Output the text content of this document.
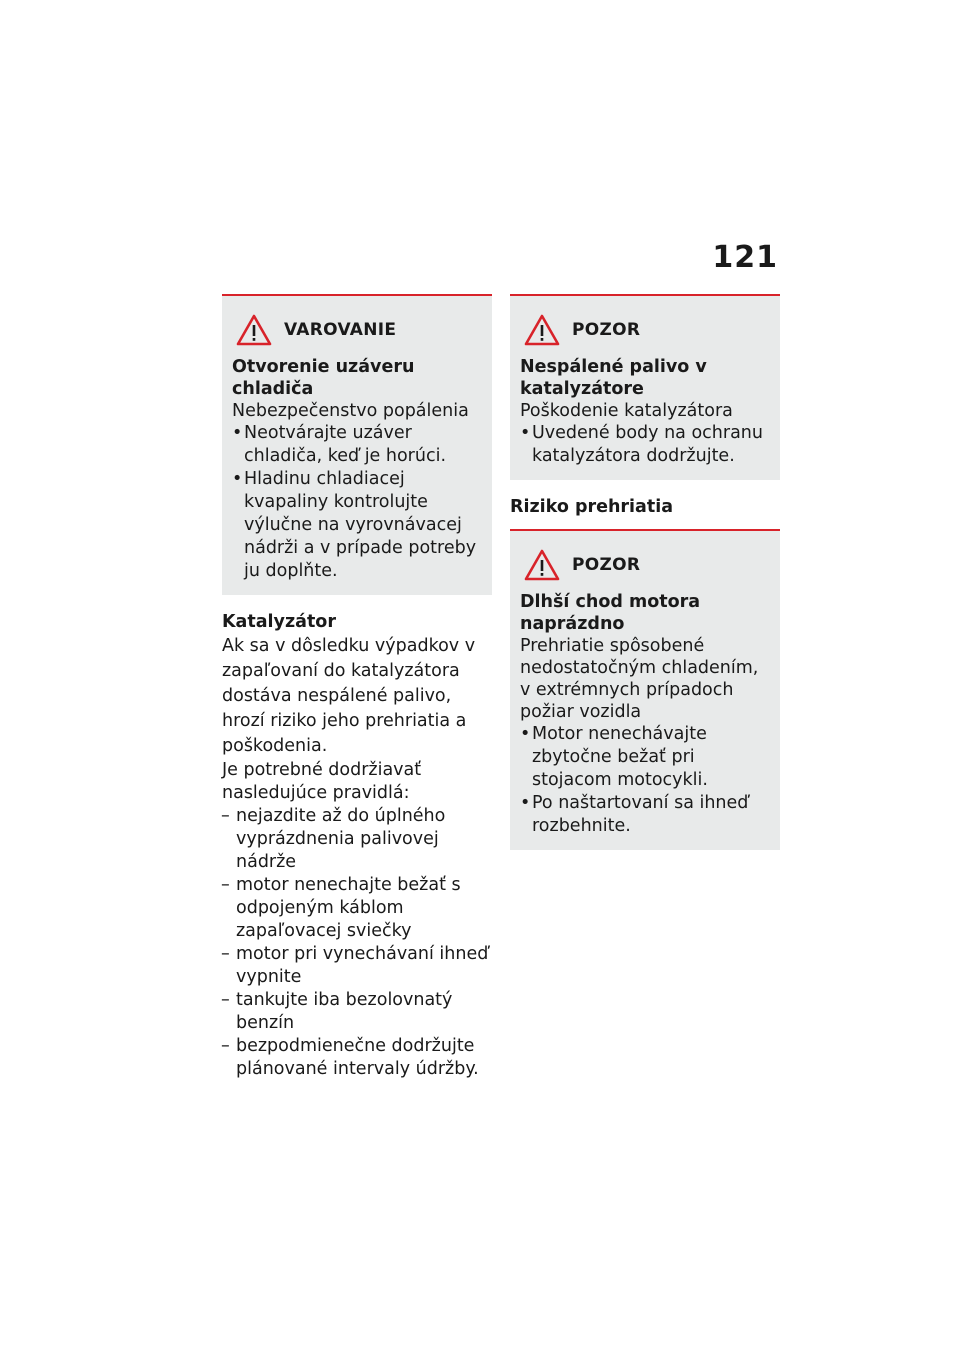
121
VAROVANIE
Otvorenie uzáveru chladiča
Nebezpečenstvo popálenia
• Neotvárajte uzáver chladiča, keď je horúci.
• Hladinu chladiacej kvapaliny kontrolujte výlučne na vyrovnávacej nádrži a v prípade potreby ju doplňte.
Katalyzátor
Ak sa v dôsledku výpadkov v zapaľovaní do katalyzátora dostáva nespálené palivo, hrozí riziko jeho prehriatia a poškodenia.
Je potrebné dodržiavať nasledujúce pravidlá:
– nejazdite až do úplného vyprázdnenia palivovej nádrže
– motor nenechajte bežať s odpojeným káblom zapaľovacej sviečky
– motor pri vynechávaní ihneď vypnite
– tankujte iba bezolovnatý benzín
– bezpodmienečne dodržujte plánované intervaly údržby.
POZOR
Nespálené palivo v katalyzátore
Poškodenie katalyzátora
• Uvedené body na ochranu katalyzátora dodržujte.
Riziko prehriatia
POZOR
Dlhší chod motora naprázdno
Prehriatie spôsobené nedostatočným chladením, v extrémnych prípadoch požiar vozidla
• Motor nenechávajte zbytočne bežať pri stojacom motocykli.
• Po naštartovaní sa ihneď rozbehnite.
